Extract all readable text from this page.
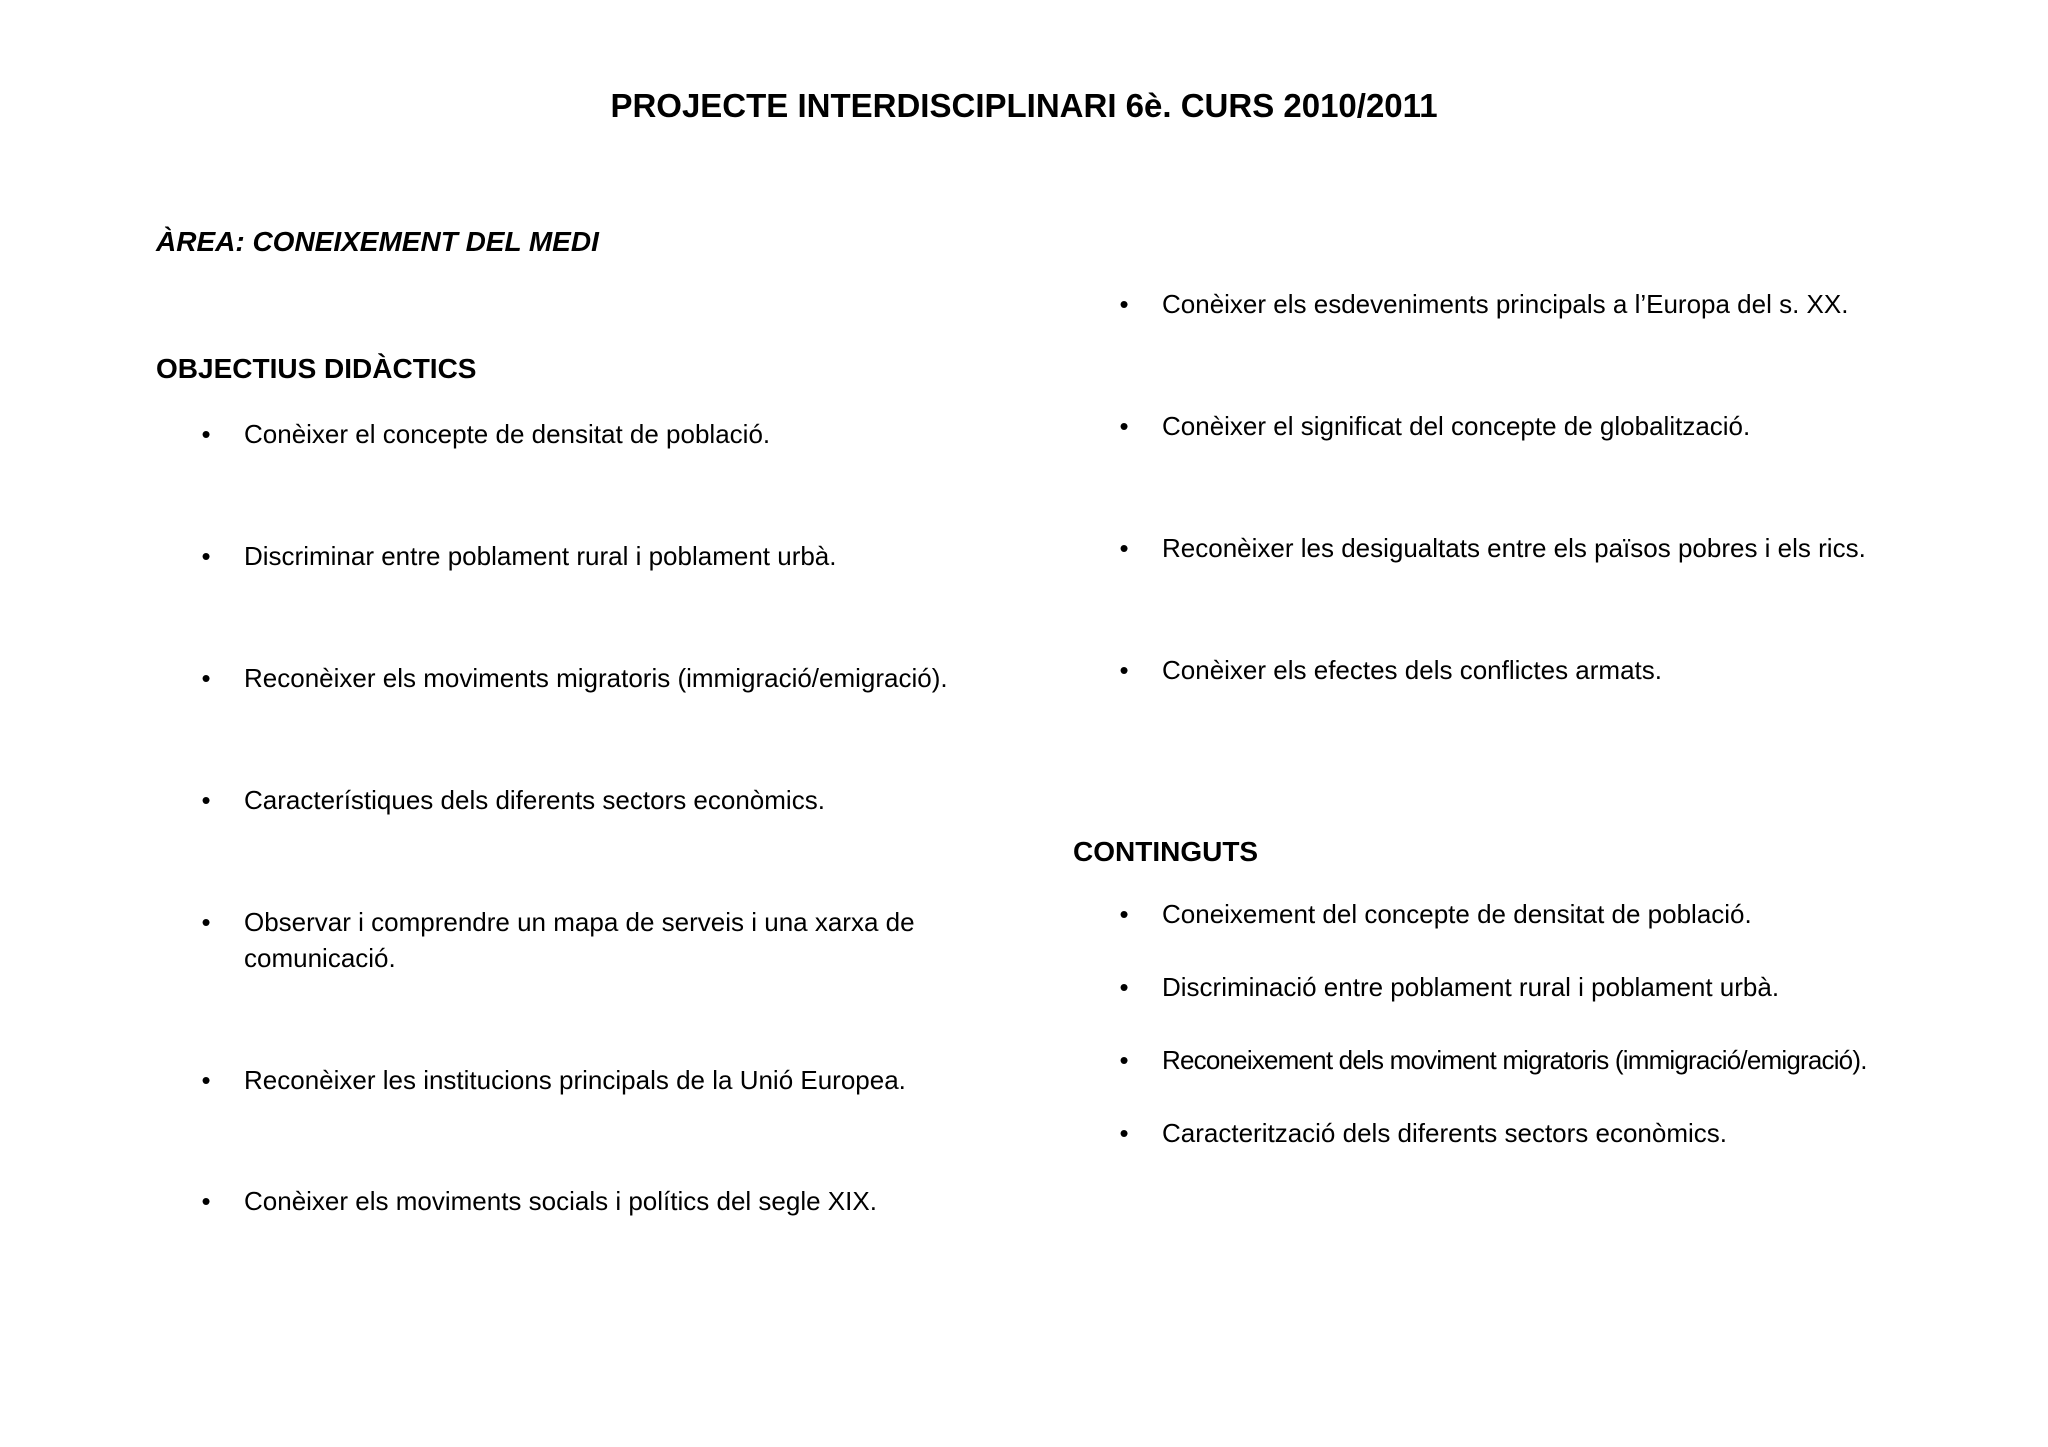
PROJECTE INTERDISCIPLINARI 6è. CURS 2010/2011
ÀREA: CONEIXEMENT DEL MEDI
OBJECTIUS DIDÀCTICS
• Conèixer el concepte de densitat de població.
• Discriminar entre poblament rural i poblament urbà.
• Reconèixer els moviments migratoris (immigració/emigració).
• Característiques dels diferents sectors econòmics.
• Observar i comprendre un mapa de serveis i una xarxa de comunicació.
• Reconèixer les institucions principals de la Unió Europea.
• Conèixer els moviments socials i polítics del segle XIX.
• Conèixer els esdeveniments principals a l’Europa del s. XX.
• Conèixer el significat del concepte de globalització.
• Reconèixer les desigualtats entre els països pobres i els rics.
• Conèixer els efectes dels conflictes armats.
CONTINGUTS
• Coneixement del concepte de densitat de població.
• Discriminació entre poblament rural i poblament urbà.
• Reconeixement dels moviment migratoris (immigració/emigració).
• Caracterització dels diferents sectors econòmics.
